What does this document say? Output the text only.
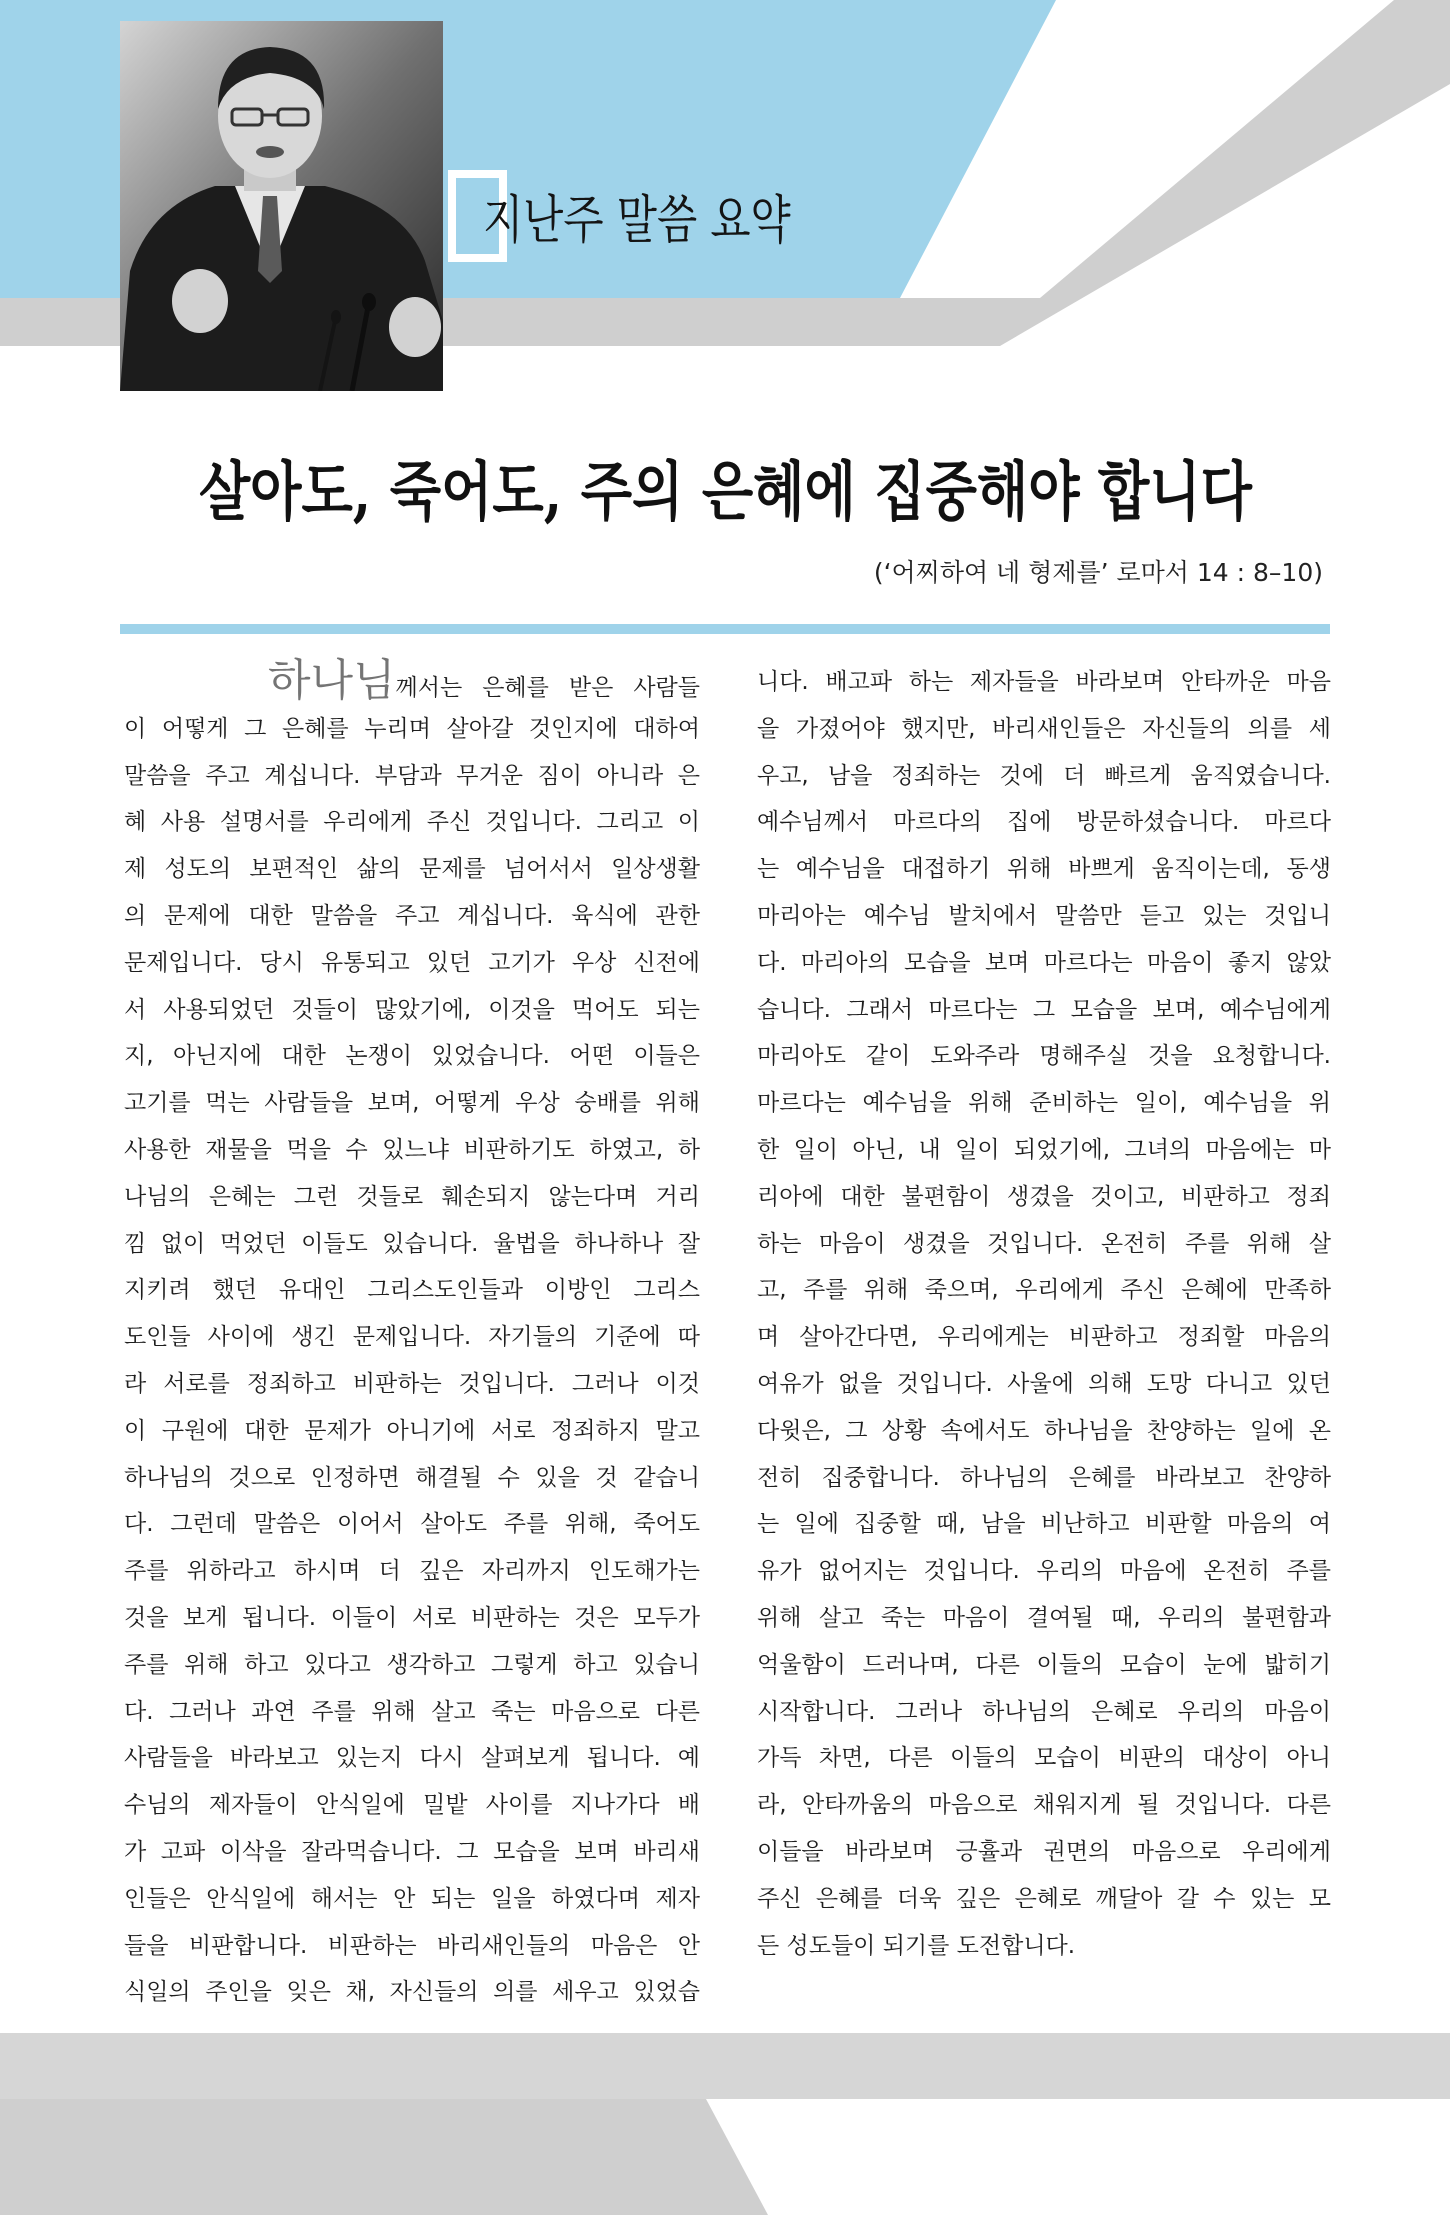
지난주 말씀 요약
살아도, 죽어도, 주의 은혜에 집중해야 합니다
(‘어찌하여 네 형제를’ 로마서 14 : 8–10)
하나님께서는 은혜를 받은 사람들
이 어떻게 그 은혜를 누리며 살아갈 것인지에 대하여
말씀을 주고 계십니다. 부담과 무거운 짐이 아니라 은
혜 사용 설명서를 우리에게 주신 것입니다. 그리고 이
제 성도의 보편적인 삶의 문제를 넘어서서 일상생활
의 문제에 대한 말씀을 주고 계십니다. 육식에 관한
문제입니다. 당시 유통되고 있던 고기가 우상 신전에
서 사용되었던 것들이 많았기에, 이것을 먹어도 되는
지, 아닌지에 대한 논쟁이 있었습니다. 어떤 이들은
고기를 먹는 사람들을 보며, 어떻게 우상 숭배를 위해
사용한 재물을 먹을 수 있느냐 비판하기도 하였고, 하
나님의 은혜는 그런 것들로 훼손되지 않는다며 거리
낌 없이 먹었던 이들도 있습니다. 율법을 하나하나 잘
지키려 했던 유대인 그리스도인들과 이방인 그리스
도인들 사이에 생긴 문제입니다. 자기들의 기준에 따
라 서로를 정죄하고 비판하는 것입니다. 그러나 이것
이 구원에 대한 문제가 아니기에 서로 정죄하지 말고
하나님의 것으로 인정하면 해결될 수 있을 것 같습니
다. 그런데 말씀은 이어서 살아도 주를 위해, 죽어도
주를 위하라고 하시며 더 깊은 자리까지 인도해가는
것을 보게 됩니다. 이들이 서로 비판하는 것은 모두가
주를 위해 하고 있다고 생각하고 그렇게 하고 있습니
다. 그러나 과연 주를 위해 살고 죽는 마음으로 다른
사람들을 바라보고 있는지 다시 살펴보게 됩니다. 예
수님의 제자들이 안식일에 밀밭 사이를 지나가다 배
가 고파 이삭을 잘라먹습니다. 그 모습을 보며 바리새
인들은 안식일에 해서는 안 되는 일을 하였다며 제자
들을 비판합니다. 비판하는 바리새인들의 마음은 안
식일의 주인을 잊은 채, 자신들의 의를 세우고 있었습
니다. 배고파 하는 제자들을 바라보며 안타까운 마음
을 가졌어야 했지만, 바리새인들은 자신들의 의를 세
우고, 남을 정죄하는 것에 더 빠르게 움직였습니다.
예수님께서 마르다의 집에 방문하셨습니다. 마르다
는 예수님을 대접하기 위해 바쁘게 움직이는데, 동생
마리아는 예수님 발치에서 말씀만 듣고 있는 것입니
다. 마리아의 모습을 보며 마르다는 마음이 좋지 않았
습니다. 그래서 마르다는 그 모습을 보며, 예수님에게
마리아도 같이 도와주라 명해주실 것을 요청합니다.
마르다는 예수님을 위해 준비하는 일이, 예수님을 위
한 일이 아닌, 내 일이 되었기에, 그녀의 마음에는 마
리아에 대한 불편함이 생겼을 것이고, 비판하고 정죄
하는 마음이 생겼을 것입니다. 온전히 주를 위해 살
고, 주를 위해 죽으며, 우리에게 주신 은혜에 만족하
며 살아간다면, 우리에게는 비판하고 정죄할 마음의
여유가 없을 것입니다. 사울에 의해 도망 다니고 있던
다윗은, 그 상황 속에서도 하나님을 찬양하는 일에 온
전히 집중합니다. 하나님의 은혜를 바라보고 찬양하
는 일에 집중할 때, 남을 비난하고 비판할 마음의 여
유가 없어지는 것입니다. 우리의 마음에 온전히 주를
위해 살고 죽는 마음이 결여될 때, 우리의 불편함과
억울함이 드러나며, 다른 이들의 모습이 눈에 밟히기
시작합니다. 그러나 하나님의 은혜로 우리의 마음이
가득 차면, 다른 이들의 모습이 비판의 대상이 아니
라, 안타까움의 마음으로 채워지게 될 것입니다. 다른
이들을 바라보며 긍휼과 권면의 마음으로 우리에게
주신 은혜를 더욱 깊은 은혜로 깨달아 갈 수 있는 모
든 성도들이 되기를 도전합니다.
